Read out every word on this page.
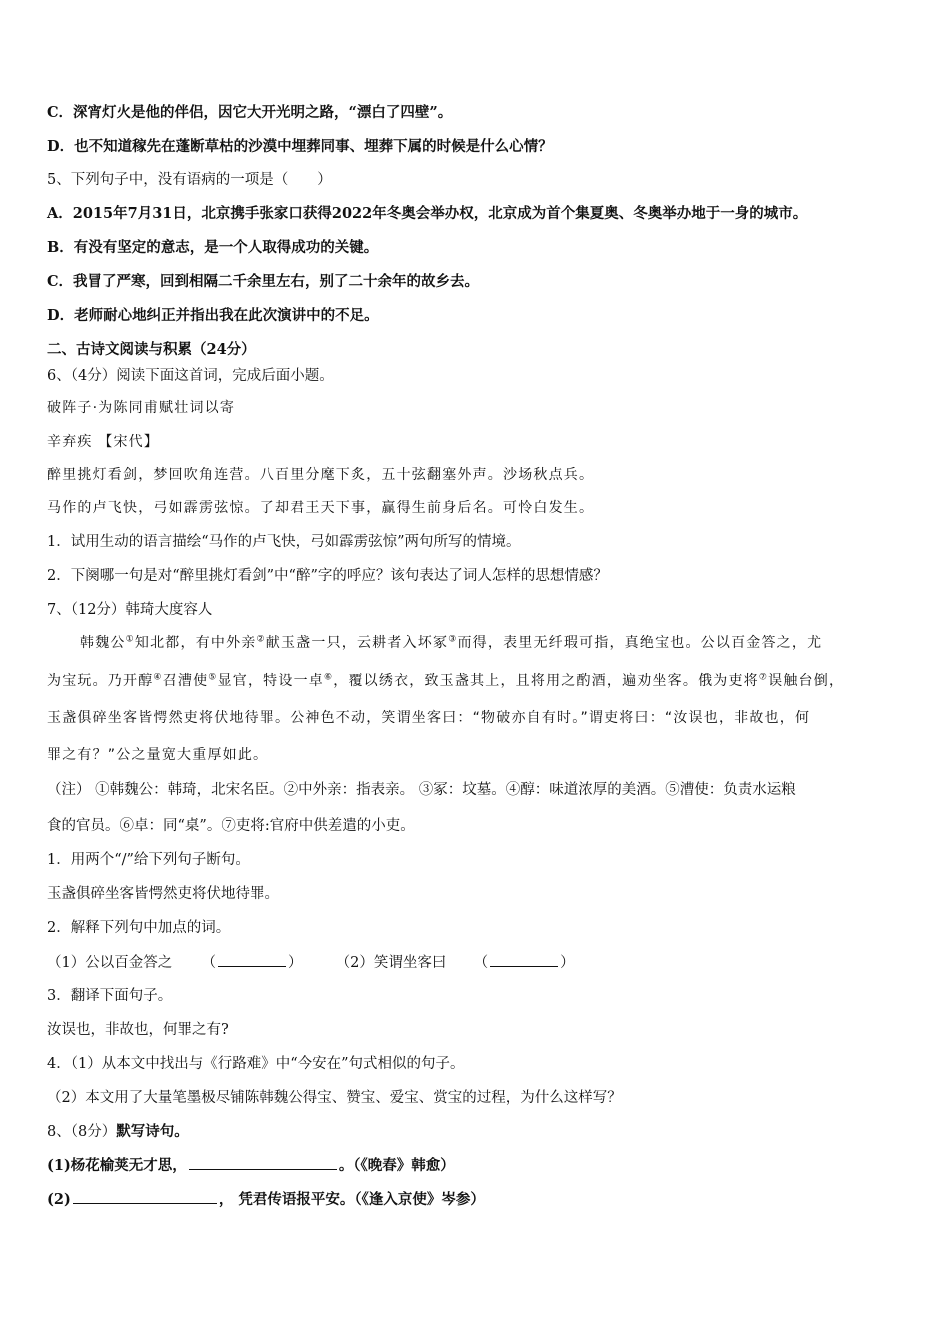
C．深宵灯火是他的伴侣，因它大开光明之路，“漂白了四壁”。
D．也不知道稼先在蓬断草枯的沙漠中埋葬同事、埋葬下属的时候是什么心情？
5、下列句子中，没有语病的一项是（　　）
A．2015年7月31日，北京携手张家口获得2022年冬奥会举办权，北京成为首个集夏奥、冬奥举办地于一身的城市。
B．有没有坚定的意志，是一个人取得成功的关键。
C．我冒了严寒，回到相隔二千余里左右，别了二十余年的故乡去。
D．老师耐心地纠正并指出我在此次演讲中的不足。
二、古诗文阅读与积累（24分）
6、（4分）阅读下面这首词，完成后面小题。
破阵子·为陈同甫赋壮词以寄
辛弃疾 【宋代】
醉里挑灯看剑，梦回吹角连营。八百里分麾下炙，五十弦翻塞外声。沙场秋点兵。
马作的卢飞快，弓如霹雳弦惊。了却君王天下事，赢得生前身后名。可怜白发生。
1．试用生动的语言描绘“马作的卢飞快，弓如霹雳弦惊”两句所写的情境。
2．下阕哪一句是对“醉里挑灯看剑”中“醉”字的呼应？该句表达了词人怎样的思想情感？
7、（12分）韩琦大度容人
韩魏公①知北都，有中外亲②献玉盏一只，云耕者入坏冢③而得，表里无纤瑕可指，真绝宝也。公以百金答之，尤
为宝玩。乃开醇④召漕使⑤显官，特设一卓⑥，覆以绣衣，致玉盏其上，且将用之酌酒，遍劝坐客。俄为吏将⑦误触台倒，
玉盏俱碎坐客皆愕然吏将伏地待罪。公神色不动，笑谓坐客曰：“物破亦自有时。”谓吏将曰：“汝误也，非故也，何
罪之有？”公之量宽大重厚如此。
（注） ①韩魏公：韩琦，北宋名臣。②中外亲：指表亲。 ③冢：坟墓。④醇：味道浓厚的美酒。⑤漕使：负责水运粮
食的官员。⑥卓：同“桌”。⑦吏将:官府中供差遣的小吏。
1．用两个“/”给下列句子断句。
玉盏俱碎坐客皆愕然吏将伏地待罪。
2．解释下列句中加点的词。
（1）公以百金答之 （	） （2）笑谓坐客曰 （	）
3．翻译下面句子。
汝误也，非故也，何罪之有?
4．（1）从本文中找出与《行路难》中“今安在”句式相似的句子。
（2）本文用了大量笔墨极尽铺陈韩魏公得宝、赞宝、爱宝、赏宝的过程，为什么这样写？
8、（8分）默写诗句。
(1)杨花榆荚无才思，	。（《晚春》韩愈）
(2)	， 凭君传语报平安。（《逢入京使》岑参）
